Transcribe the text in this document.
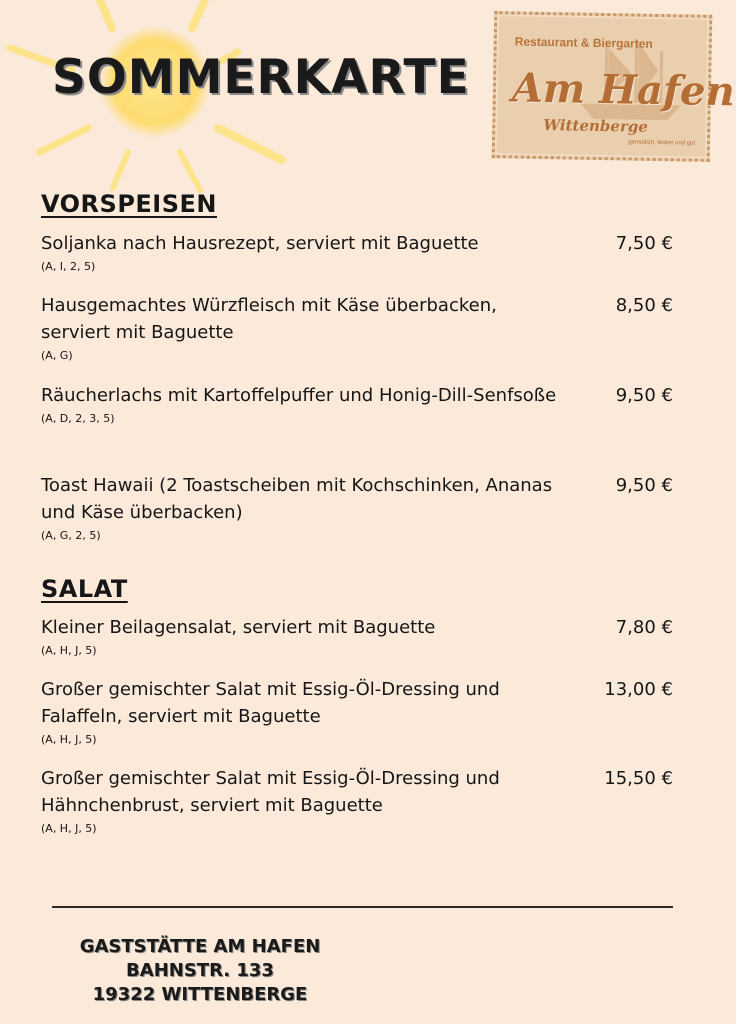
SOMMERKARTE
Restaurant & Biergarten
Am Hafen
Wittenberge
gemütlich, lecker und gut
VORSPEISEN
Soljanka nach Hausrezept, serviert mit Baguette
(A, I, 2, 5)
7,50 €
Hausgemachtes Würzfleisch mit Käse überbacken, serviert mit Baguette
(A, G)
8,50 €
Räucherlachs mit Kartoffelpuffer und Honig-Dill-Senfsoße
(A, D, 2, 3, 5)
9,50 €
Toast Hawaii (2 Toastscheiben mit Kochschinken, Ananas und Käse überbacken)
(A, G, 2, 5)
9,50 €
SALAT
Kleiner Beilagensalat, serviert mit Baguette
(A, H, J, 5)
7,80 €
Großer gemischter Salat mit Essig-Öl-Dressing und Falaffeln, serviert mit Baguette
(A, H, J, 5)
13,00 €
Großer gemischter Salat mit Essig-Öl-Dressing und Hähnchenbrust, serviert mit Baguette
(A, H, J, 5)
15,50 €
GASTSTÄTTE AM HAFEN
BAHNSTR. 133
19322 WITTENBERGE
